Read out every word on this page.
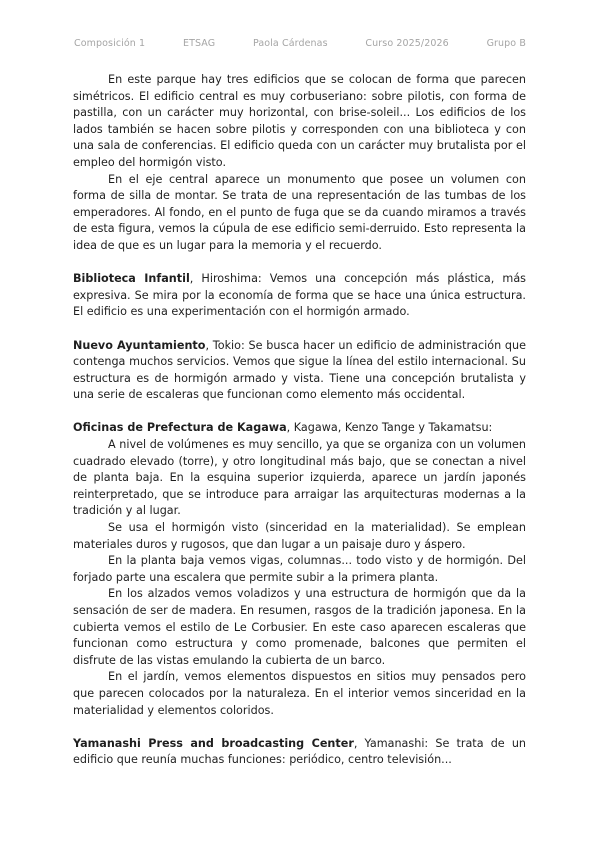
Composición 1	ETSAG	Paola Cárdenas	Curso 2025/2026	Grupo B

En este parque hay tres edificios que se colocan de forma que parecen simétricos. El edificio central es muy corbuseriano: sobre pilotis, con forma de pastilla, con un carácter muy horizontal, con brise-soleil... Los edificios de los lados también se hacen sobre pilotis y corresponden con una biblioteca y con una sala de conferencias. El edificio queda con un carácter muy brutalista por el empleo del hormigón visto.

En el eje central aparece un monumento que posee un volumen con forma de silla de montar. Se trata de una representación de las tumbas de los emperadores. Al fondo, en el punto de fuga que se da cuando miramos a través de esta figura, vemos la cúpula de ese edificio semi-derruido. Esto representa la idea de que es un lugar para la memoria y el recuerdo.

Biblioteca Infantil, Hiroshima: Vemos una concepción más plástica, más expresiva. Se mira por la economía de forma que se hace una única estructura. El edificio es una experimentación con el hormigón armado.

Nuevo Ayuntamiento, Tokio: Se busca hacer un edificio de administración que contenga muchos servicios. Vemos que sigue la línea del estilo internacional. Su estructura es de hormigón armado y vista. Tiene una concepción brutalista y una serie de escaleras que funcionan como elemento más occidental.

Oficinas de Prefectura de Kagawa, Kagawa, Kenzo Tange y Takamatsu:

A nivel de volúmenes es muy sencillo, ya que se organiza con un volumen cuadrado elevado (torre), y otro longitudinal más bajo, que se conectan a nivel de planta baja. En la esquina superior izquierda, aparece un jardín japonés reinterpretado, que se introduce para arraigar las arquitecturas modernas a la tradición y al lugar.

Se usa el hormigón visto (sinceridad en la materialidad). Se emplean materiales duros y rugosos, que dan lugar a un paisaje duro y áspero.

En la planta baja vemos vigas, columnas... todo visto y de hormigón. Del forjado parte una escalera que permite subir a la primera planta.

En los alzados vemos voladizos y una estructura de hormigón que da la sensación de ser de madera. En resumen, rasgos de la tradición japonesa. En la cubierta vemos el estilo de Le Corbusier. En este caso aparecen escaleras que funcionan como estructura y como promenade, balcones que permiten el disfrute de las vistas emulando la cubierta de un barco.

En el jardín, vemos elementos dispuestos en sitios muy pensados pero que parecen colocados por la naturaleza. En el interior vemos sinceridad en la materialidad y elementos coloridos.

Yamanashi Press and broadcasting Center, Yamanashi: Se trata de un edificio que reunía muchas funciones: periódico, centro televisión...
